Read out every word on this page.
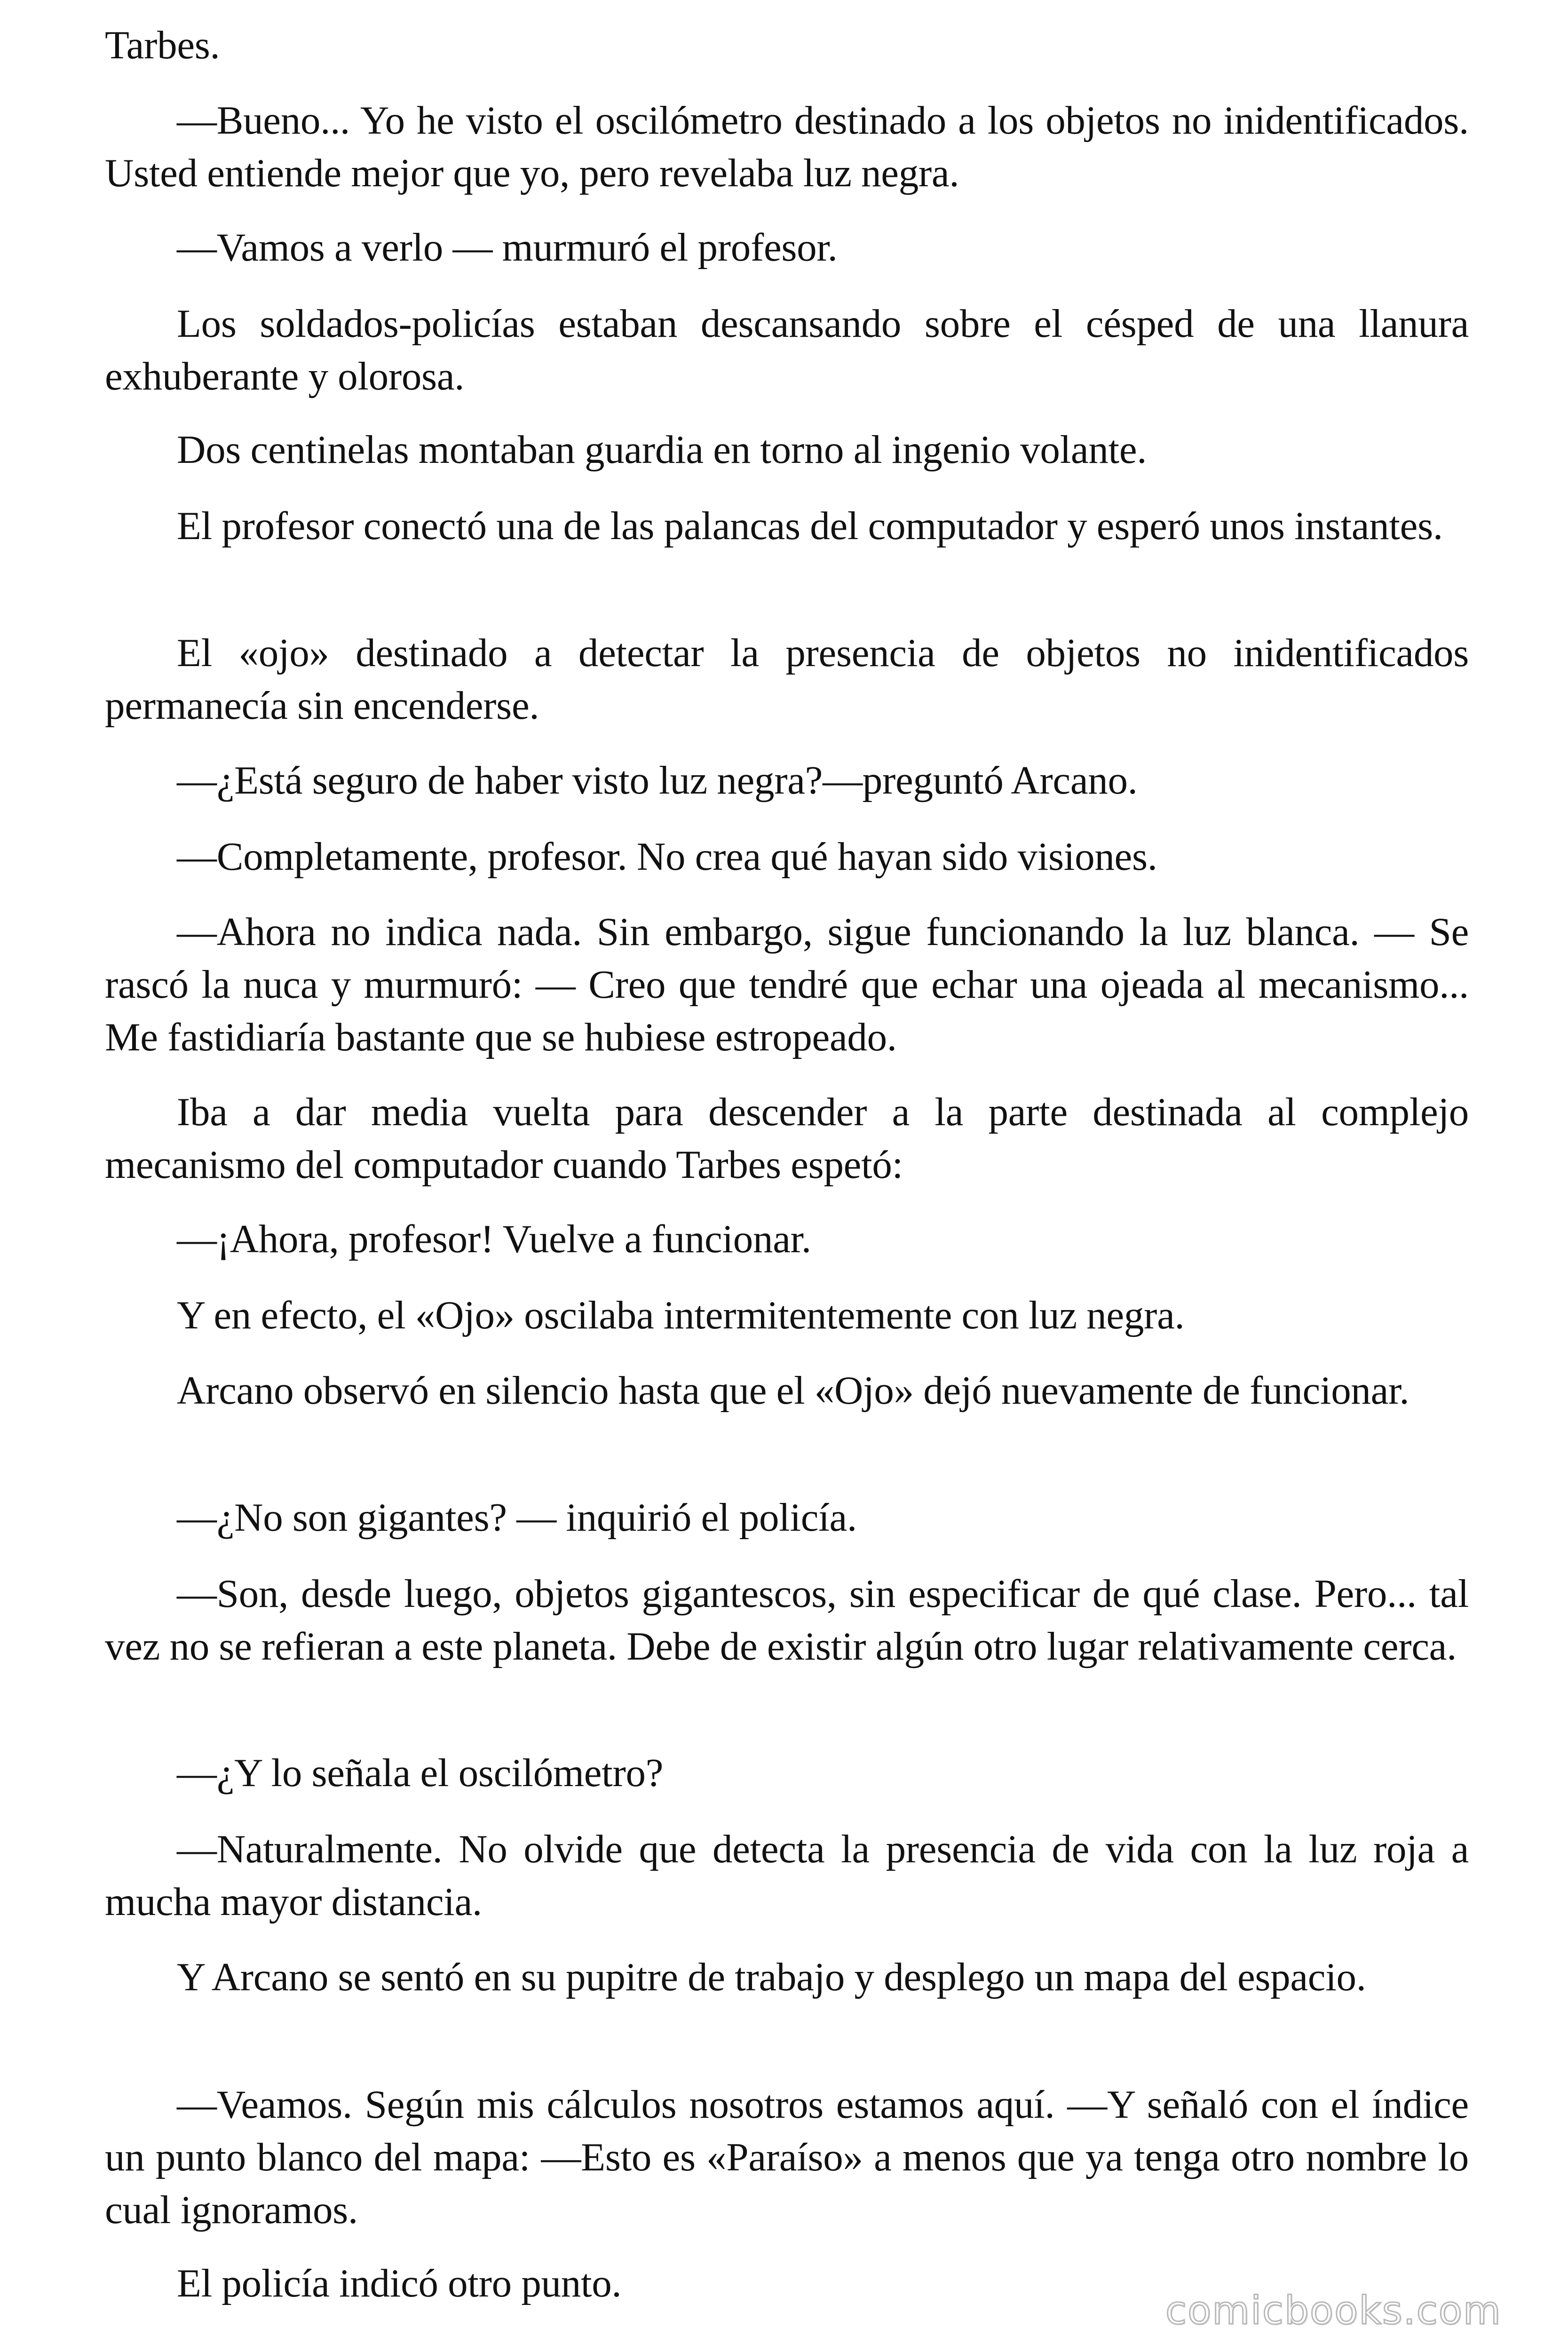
Tarbes.

—Bueno... Yo he visto el oscilómetro destinado a los objetos no inidentificados. Usted entiende mejor que yo, pero revelaba luz negra.

—Vamos a verlo — murmuró el profesor.

Los soldados-policías estaban descansando sobre el césped de una llanura exhuberante y olorosa.

Dos centinelas montaban guardia en torno al ingenio volante.

El profesor conectó una de las palancas del computador y esperó unos instantes.

El «ojo» destinado a detectar la presencia de objetos no inidentificados permanecía sin encenderse.

—¿Está seguro de haber visto luz negra?—preguntó Arcano.

—Completamente, profesor. No crea qué hayan sido visiones.

—Ahora no indica nada. Sin embargo, sigue funcionando la luz blanca. — Se rascó la nuca y murmuró: — Creo que tendré que echar una ojeada al mecanismo... Me fastidiaría bastante que se hubiese estropeado.

Iba a dar media vuelta para descender a la parte destinada al complejo mecanismo del computador cuando Tarbes espetó:

—¡Ahora, profesor! Vuelve a funcionar.

Y en efecto, el «Ojo» oscilaba intermitentemente con luz negra.

Arcano observó en silencio hasta que el «Ojo» dejó nuevamente de funcionar.

—¿No son gigantes? — inquirió el policía.

—Son, desde luego, objetos gigantescos, sin especificar de qué clase. Pero... tal vez no se refieran a este planeta. Debe de existir algún otro lugar relativamente cerca.

—¿Y lo señala el oscilómetro?

—Naturalmente. No olvide que detecta la presencia de vida con la luz roja a mucha mayor distancia.

Y Arcano se sentó en su pupitre de trabajo y desplego un mapa del espacio.

—Veamos. Según mis cálculos nosotros estamos aquí. —Y señaló con el índice un punto blanco del mapa: —Esto es «Paraíso» a menos que ya tenga otro nombre lo cual ignoramos.

El policía indicó otro punto.

comicbooks.com
